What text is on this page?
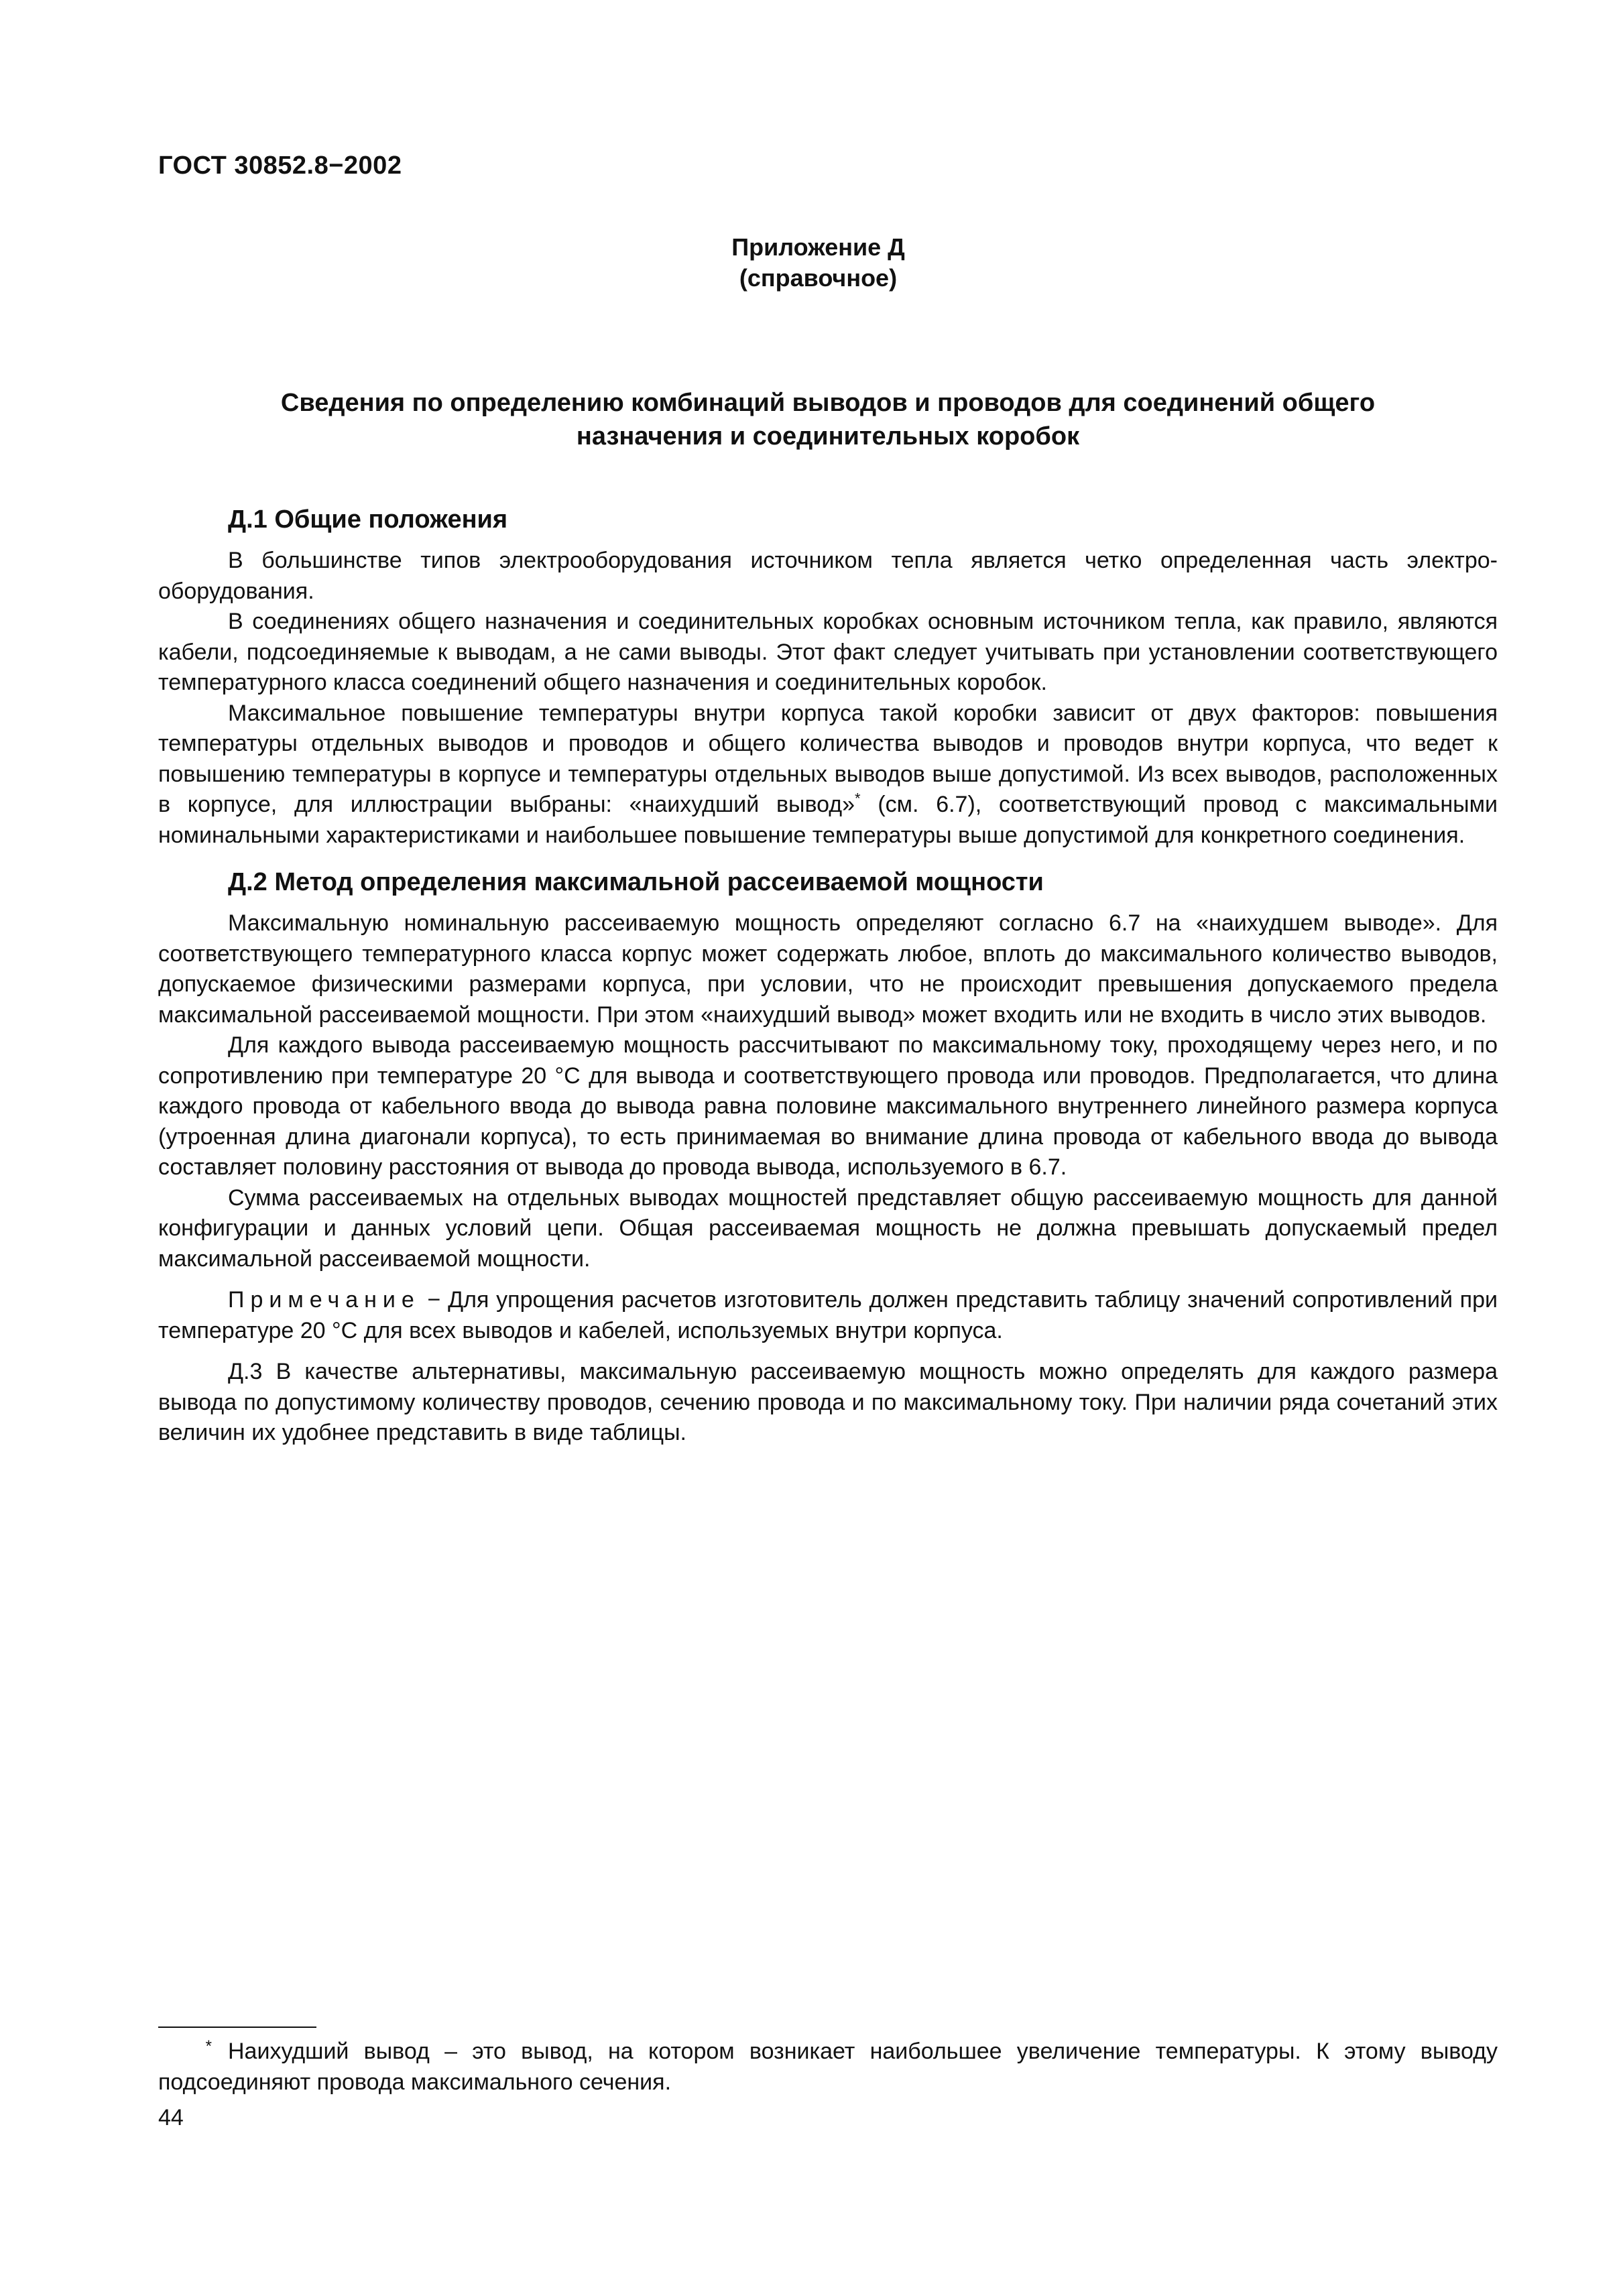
ГОСТ 30852.8−2002
Приложение Д
(справочное)
Сведения по определению комбинаций выводов и проводов для соединений общего
назначения и соединительных коробок
Д.1 Общие положения

В большинстве типов электрооборудования источником тепла является четко определенная часть электрооборудования.

В соединениях общего назначения и соединительных коробках основным источником тепла, как правило, являются кабели, подсоединяемые к выводам, а не сами выводы. Этот факт следует учитывать при установлении соответствующего температурного класса соединений общего назначения и соединительных коробок.

Максимальное повышение температуры внутри корпуса такой коробки зависит от двух факторов: повышения температуры отдельных выводов и проводов и общего количества выводов и проводов внутри корпуса, что ведет к повышению температуры в корпусе и температуры отдельных выводов выше допустимой. Из всех выводов, расположенных в корпусе, для иллюстрации выбраны: «наихудший вывод»* (см. 6.7), соответствующий провод с максимальными номинальными характеристиками и наибольшее повышение температуры выше допустимой для конкретного соединения.

Д.2 Метод определения максимальной рассеиваемой мощности

Максимальную номинальную рассеиваемую мощность определяют согласно 6.7 на «наихудшем выводе». Для соответствующего температурного класса корпус может содержать любое, вплоть до максимального количество выводов, допускаемое физическими размерами корпуса, при условии, что не происходит превышения допускаемого предела максимальной рассеиваемой мощности. При этом «наихудший вывод» может входить или не входить в число этих выводов.

Для каждого вывода рассеиваемую мощность рассчитывают по максимальному току, проходящему через него, и по сопротивлению при температуре 20 °С для вывода и соответствующего провода или проводов. Предполагается, что длина каждого провода от кабельного ввода до вывода равна половине максимального внутреннего линейного размера корпуса (утроенная длина диагонали корпуса), то есть принимаемая во внимание длина провода от кабельного ввода до вывода составляет половину расстояния от вывода до провода вывода, используемого в 6.7.

Сумма рассеиваемых на отдельных выводах мощностей представляет общую рассеиваемую мощность для данной конфигурации и данных условий цепи. Общая рассеиваемая мощность не должна превышать допускаемый предел максимальной рассеиваемой мощности.

Примечание − Для упрощения расчетов изготовитель должен представить таблицу значений сопротивлений при температуре 20 °С для всех выводов и кабелей, используемых внутри корпуса.

Д.3 В качестве альтернативы, максимальную рассеиваемую мощность можно определять для каждого размера вывода по допустимому количеству проводов, сечению провода и по максимальному току. При наличии ряда сочетаний этих величин их удобнее представить в виде таблицы.

* Наихудший вывод – это вывод, на котором возникает наибольшее увеличение температуры. К этому выводу подсоединяют провода максимального сечения.
44
